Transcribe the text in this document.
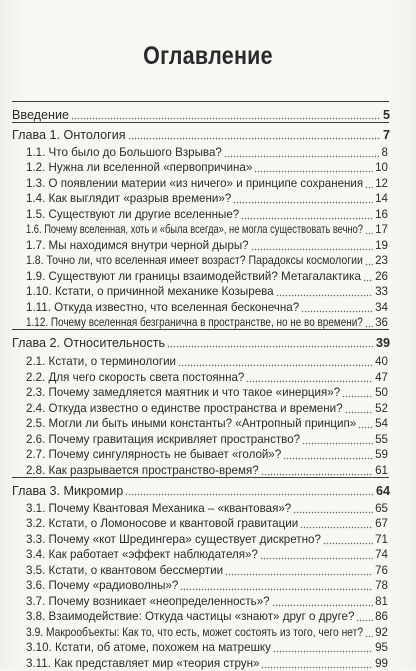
Оглавление
Введение	5
Глава 1. Онтология	7
1.1. Что было до Большого Взрыва?	8
1.2. Нужна ли вселенной «первопричина»	10
1.3. О появлении материи «из ничего» и принципе сохранения 12
1.4. Как выглядит «разрыв времени»?	14
1.5. Существуют ли другие вселенные?	16
1.6. Почему вселенная, хоть и «была всегда», не могла существовать вечно? 17
1.7. Мы находимся внутри черной дыры?	19
1.8. Точно ли, что вселенная имеет возраст? Парадоксы космологии 23
1.9. Существуют ли границы взаимодействий? Метагалактика 26
1.10. Кстати, о причинной механике Козырева	33
1.11. Откуда известно, что вселенная бесконечна?	34
1.12. Почему вселенная безгранична в пространстве, но не во времени? 36
Глава 2. Относительность	39
2.1. Кстати, о терминологии	40
2.2. Для чего скорость света постоянна?	47
2.3. Почему замедляется маятник и что такое «инерция»?	50
2.4. Откуда известно о единстве пространства и времени?	52
2.5. Могли ли быть иными константы? «Антропный принцип» 54
2.6. Почему гравитация искривляет пространство?	55
2.7. Почему сингулярность не бывает «голой»?	59
2.8. Как разрывается пространство-время?	61
Глава 3. Микромир	64
3.1. Почему Квантовая Механика – «квантовая»?	65
3.2. Кстати, о Ломоносове и квантовой гравитации	67
3.3. Почему «кот Шредингера» существует дискретно?	71
3.4. Как работает «эффект наблюдателя»?	74
3.5. Кстати, о квантовом бессмертии	76
3.6. Почему «радиоволны»?	78
3.7. Почему возникает «неопределенность»?	81
3.8. Взаимодействие: Откуда частицы «знают» друг о друге? 86
3.9. Макрообъекты: Как то, что есть, может состоять из того, чего нет? 92
3.10. Кстати, об атоме, похожем на матрешку	95
3.11. Как представляет мир «теория струн»	99
